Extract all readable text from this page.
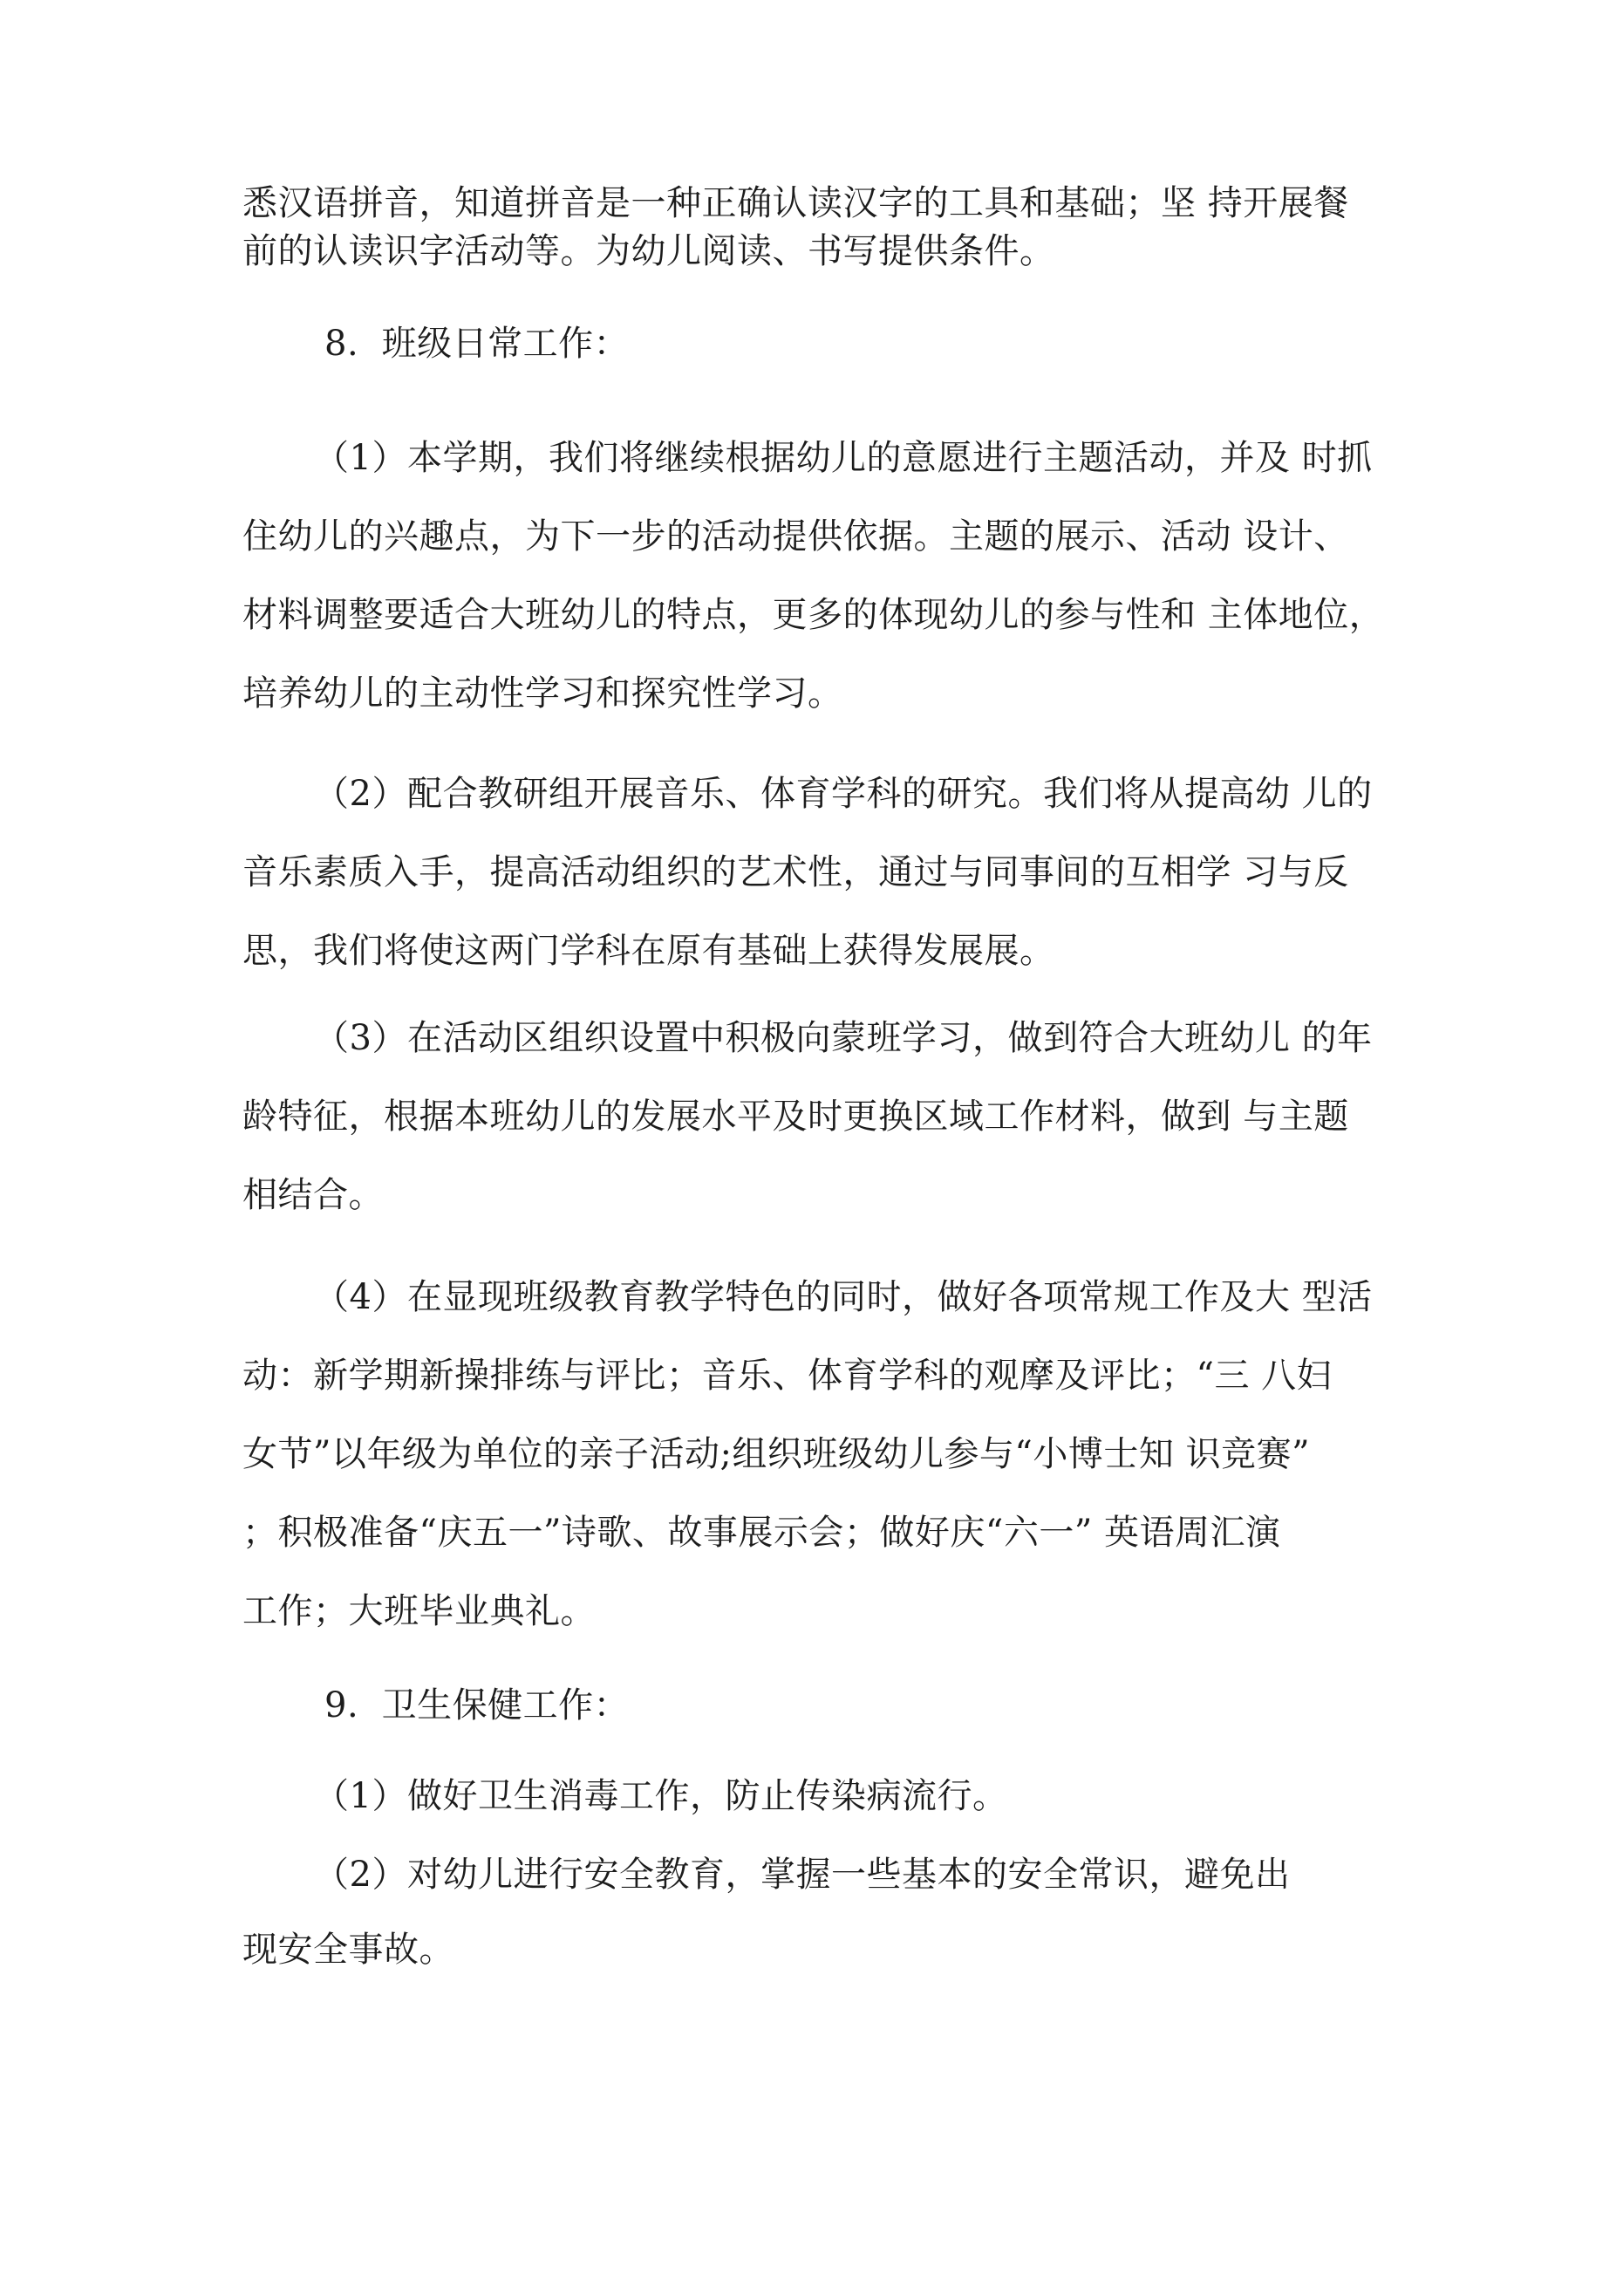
悉汉语拼音，知道拼音是一种正确认读汉字的工具和基础；坚 持开展餐
前的认读识字活动等。为幼儿阅读、书写提供条件。
8.  班级日常工作：
（1）本学期，我们将继续根据幼儿的意愿进行主题活动，并及 时抓
住幼儿的兴趣点，为下一步的活动提供依据。主题的展示、活动 设计、
材料调整要适合大班幼儿的特点，更多的体现幼儿的参与性和 主体地位，
培养幼儿的主动性学习和探究性学习。
（2）配合教研组开展音乐、体育学科的研究。我们将从提高幼 儿的
音乐素质入手，提高活动组织的艺术性，通过与同事间的互相学 习与反
思，我们将使这两门学科在原有基础上获得发展展。
（3）在活动区组织设置中积极向蒙班学习，做到符合大班幼儿 的年
龄特征，根据本班幼儿的发展水平及时更换区域工作材料，做到 与主题
相结合。
（4）在显现班级教育教学特色的同时，做好各项常规工作及大 型活
动：新学期新操排练与评比；音乐、体育学科的观摩及评比；“三 八妇
女节”以年级为单位的亲子活动;组织班级幼儿参与“小博士知 识竞赛”
；积极准备“庆五一”诗歌、故事展示会；做好庆“六一” 英语周汇演
工作；大班毕业典礼。
9.  卫生保健工作：
（1）做好卫生消毒工作，防止传染病流行。
（2）对幼儿进行安全教育，掌握一些基本的安全常识，避免出
现安全事故。
